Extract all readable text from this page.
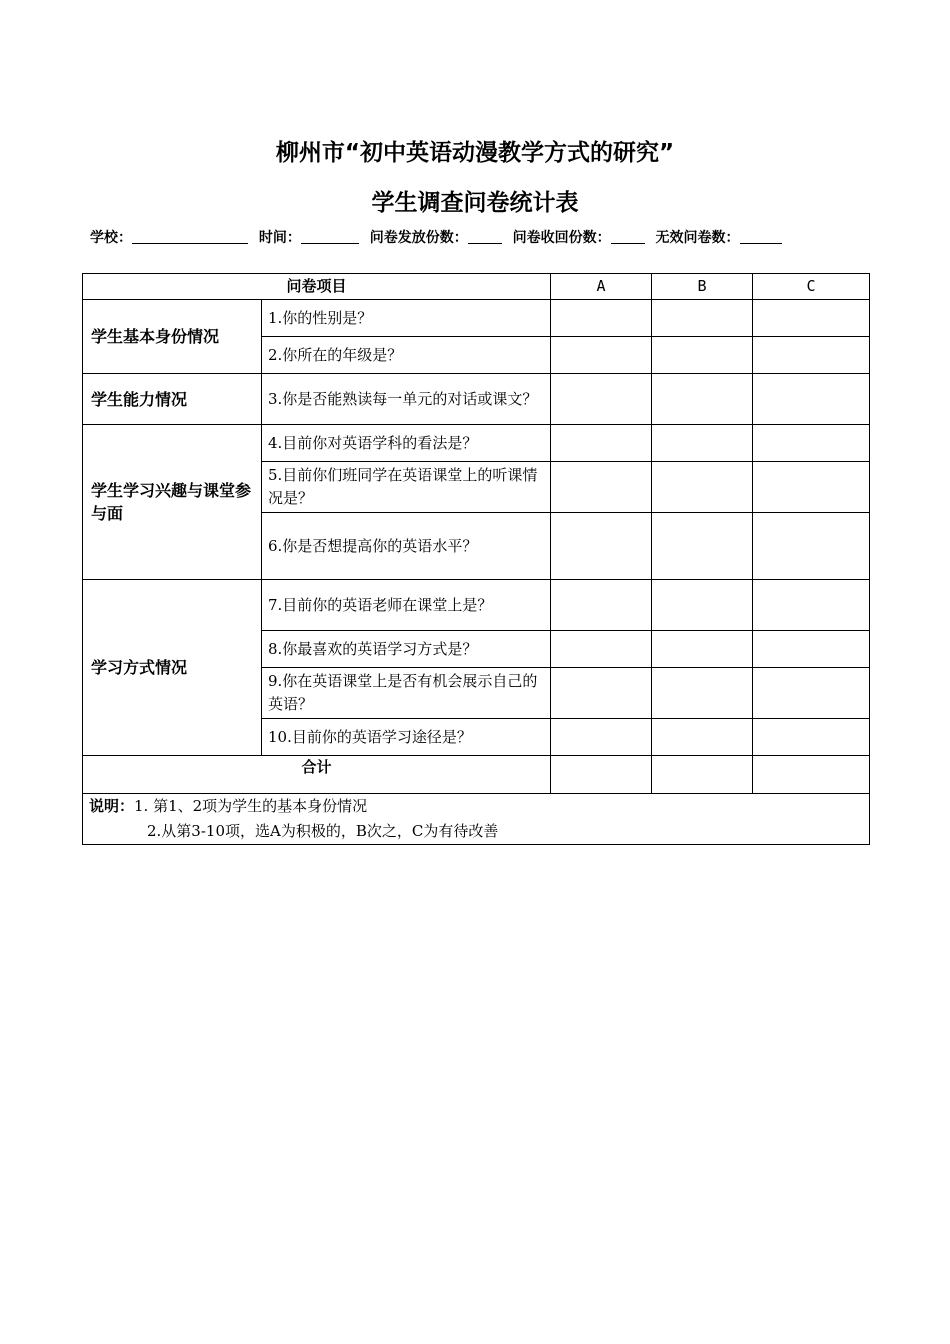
柳州市“初中英语动漫教学方式的研究”
学生调查问卷统计表
学校：	时间：	问卷发放份数：	问卷收回份数：	无效问卷数：
问卷项目		A	B	C
学生基本身份情况	1.你的性别是？			
	2.你所在的年级是？			
学生能力情况	3.你是否能熟读每一单元的对话或课文？			
学生学习兴趣与课堂参与面	4.目前你对英语学科的看法是？			
	5.目前你们班同学在英语课堂上的听课情况是？			
	6.你是否想提高你的英语水平？			
学习方式情况	7.目前你的英语老师在课堂上是？			
	8.你最喜欢的英语学习方式是？			
	9.你在英语课堂上是否有机会展示自己的英语？			
	10.目前你的英语学习途径是？			
合计				

说明：1. 第1、2项为学生的基本身份情况
2.从第3-10项，选A为积极的，B次之，C为有待改善				
